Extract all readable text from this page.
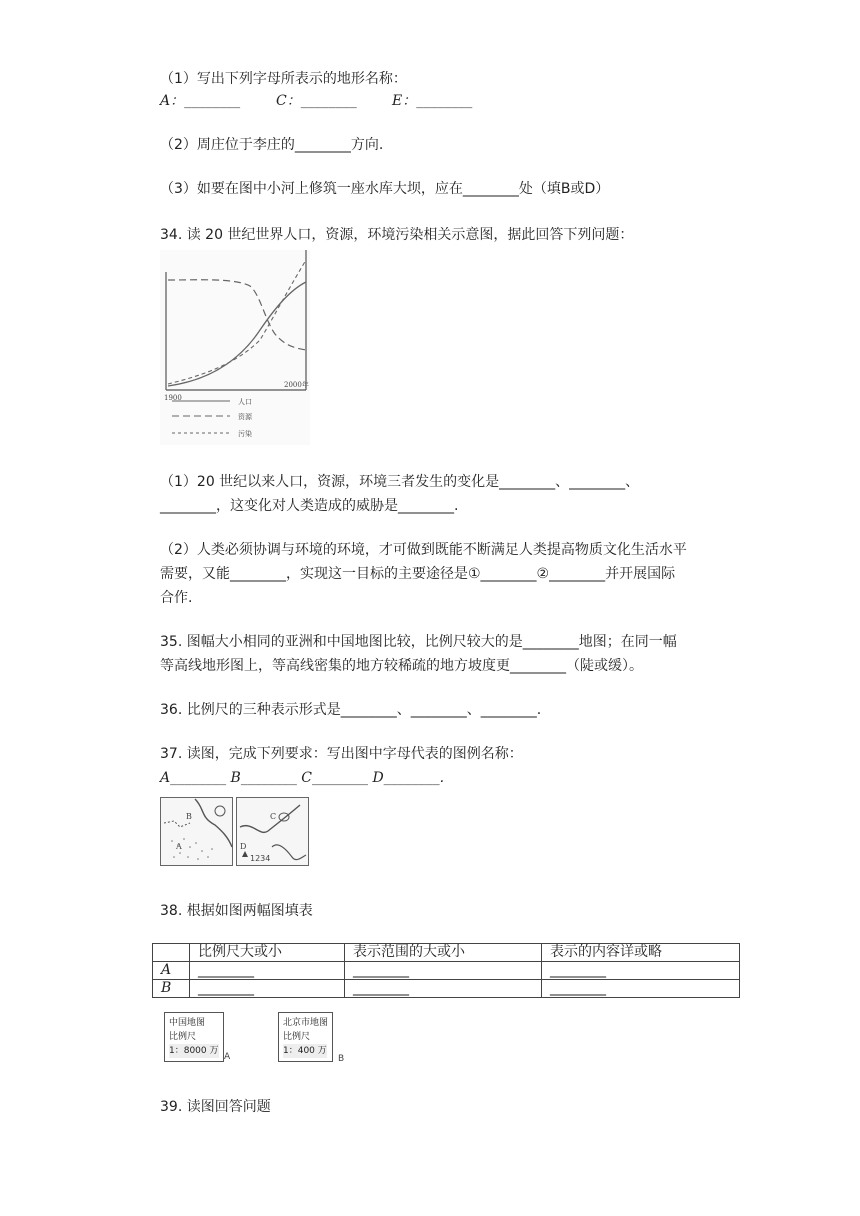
（1）写出下列字母所表示的地形名称：
A：________	C：________	E：________
（2）周庄位于李庄的________方向.
（3）如要在图中小河上修筑一座水库大坝，应在________处（填B或D）
34. 读 20 世纪世界人口，资源，环境污染相关示意图，据此回答下列问题：
1900
2000年
人口
资源
污染
（1）20 世纪以来人口，资源，环境三者发生的变化是________、________、
________，这变化对人类造成的威胁是________.
（2）人类必须协调与环境的环境，才可做到既能不断满足人类提高物质文化生活水平
需要，又能________，实现这一目标的主要途径是①________②________并开展国际
合作.
35. 图幅大小相同的亚洲和中国地图比较，比例尺较大的是________地图；在同一幅
等高线地形图上，等高线密集的地方较稀疏的地方坡度更________（陡或缓）。
36. 比例尺的三种表示形式是________、________、________.
37. 读图，完成下列要求：写出图中字母代表的图例名称：
A________ B________ C________ D________.
B
A
C
D
1234
38. 根据如图两幅图填表
	比例尺大或小	表示范围的大或小	表示的内容详或略
A	________	________	________
B	________	________	________
中国地图
比例尺
1：8000 万
A
北京市地图
比例尺
1：400 万
B
39. 读图回答问题
